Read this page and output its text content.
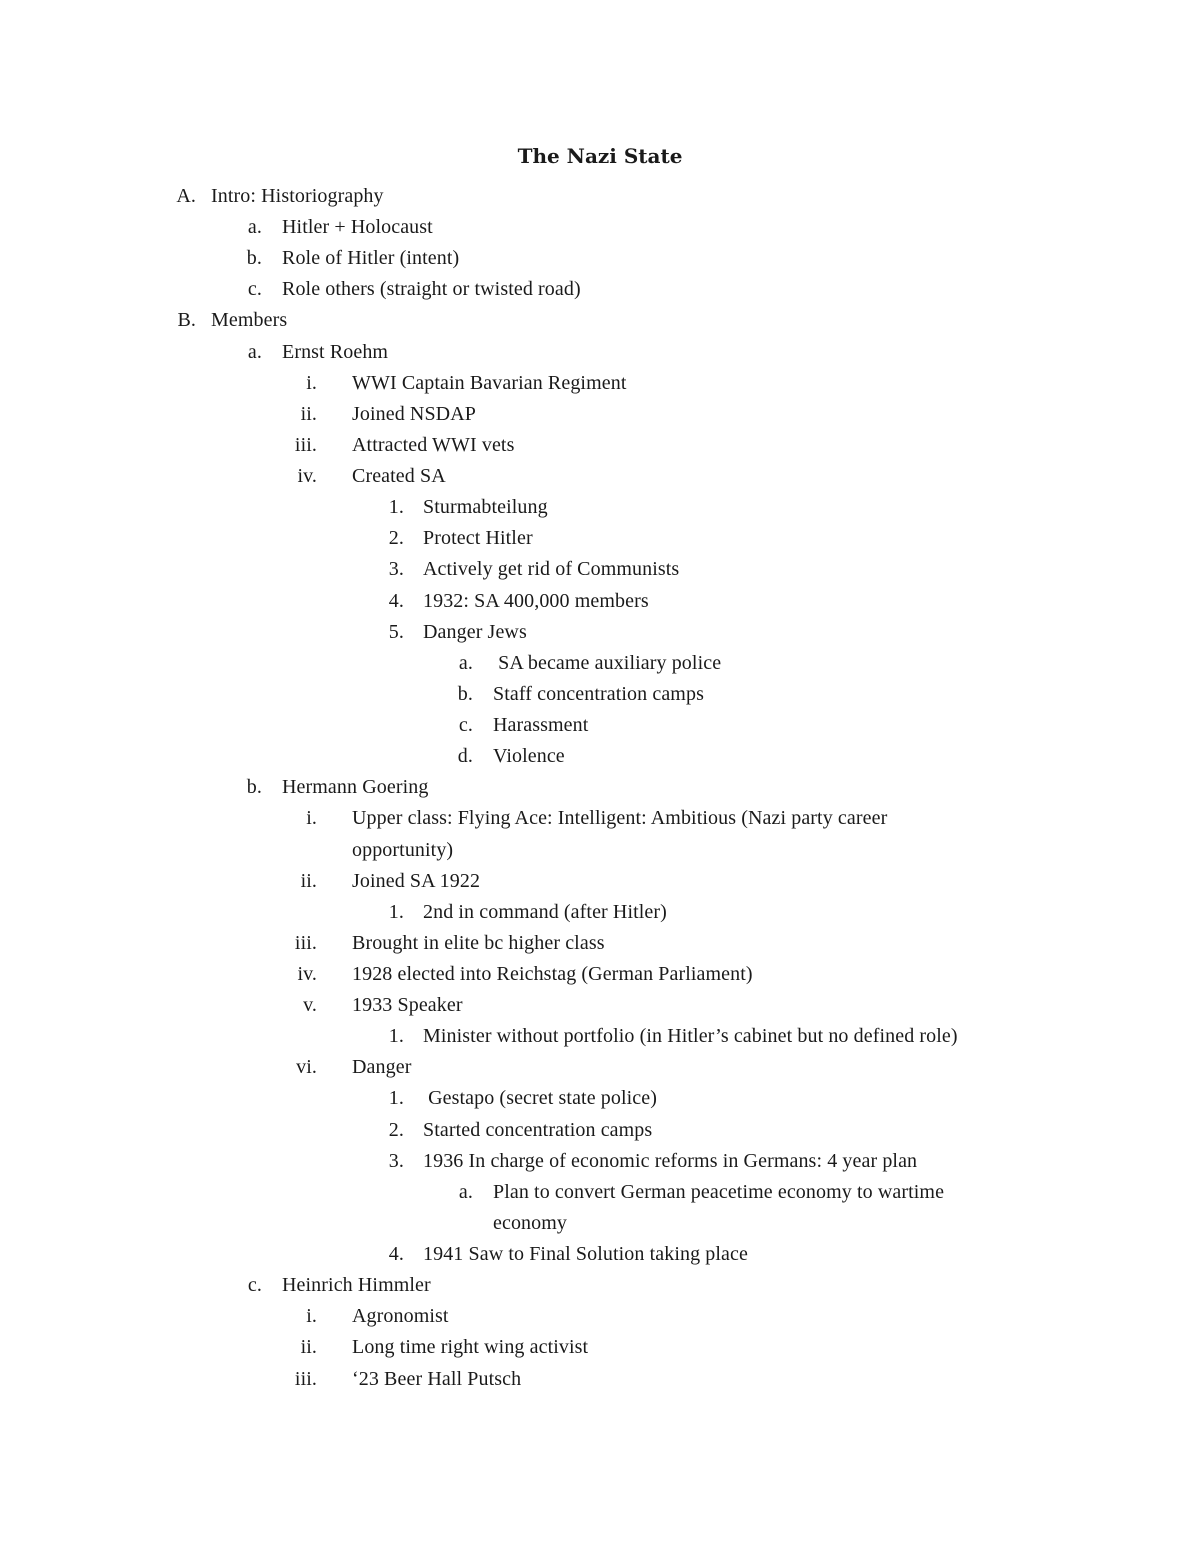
The Nazi State
A. Intro: Historiography
a. Hitler + Holocaust
b. Role of Hitler (intent)
c. Role others (straight or twisted road)
B. Members
a. Ernst Roehm
i. WWI Captain Bavarian Regiment
ii. Joined NSDAP
iii. Attracted WWI vets
iv. Created SA
1. Sturmabteilung
2. Protect Hitler
3. Actively get rid of Communists
4. 1932: SA 400,000 members
5. Danger Jews
a. SA became auxiliary police
b. Staff concentration camps
c. Harassment
d. Violence
b. Hermann Goering
i. Upper class: Flying Ace: Intelligent: Ambitious (Nazi party career
opportunity)
ii. Joined SA 1922
1. 2nd in command (after Hitler)
iii. Brought in elite bc higher class
iv. 1928 elected into Reichstag (German Parliament)
v. 1933 Speaker
1. Minister without portfolio (in Hitler’s cabinet but no defined role)
vi. Danger
1. Gestapo (secret state police)
2. Started concentration camps
3. 1936 In charge of economic reforms in Germans: 4 year plan
a. Plan to convert German peacetime economy to wartime
economy
4. 1941 Saw to Final Solution taking place
c. Heinrich Himmler
i. Agronomist
ii. Long time right wing activist
iii. ‘23 Beer Hall Putsch
